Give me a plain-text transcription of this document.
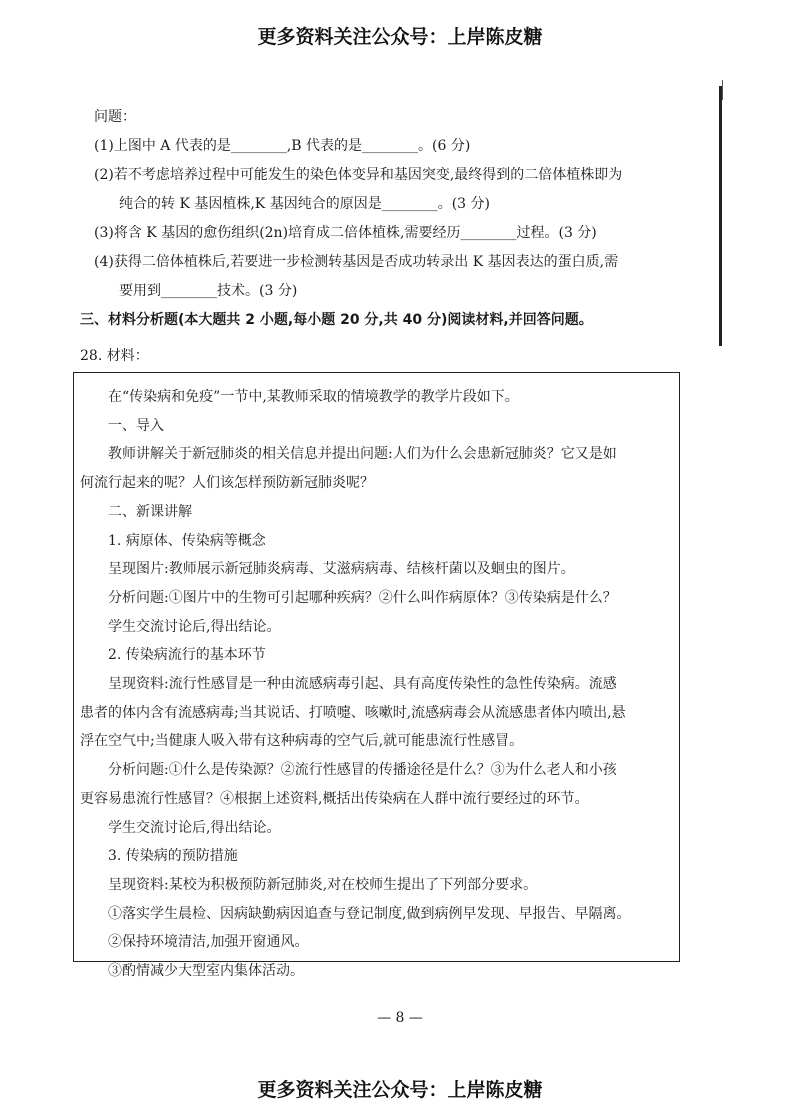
更多资料关注公众号：上岸陈皮糖
问题：
(1)上图中 A 代表的是________,B 代表的是________。(6 分)
(2)若不考虑培养过程中可能发生的染色体变异和基因突变,最终得到的二倍体植株即为
纯合的转 K 基因植株,K 基因纯合的原因是________。(3 分)
(3)将含 K 基因的愈伤组织(2n)培育成二倍体植株,需要经历________过程。(3 分)
(4)获得二倍体植株后,若要进一步检测转基因是否成功转录出 K 基因表达的蛋白质,需
要用到________技术。(3 分)
三、材料分析题(本大题共 2 小题,每小题 20 分,共 40 分)阅读材料,并回答问题。
28. 材料：
在“传染病和免疫”一节中,某教师采取的情境教学的教学片段如下。
一、导入
教师讲解关于新冠肺炎的相关信息并提出问题:人们为什么会患新冠肺炎？它又是如
何流行起来的呢？人们该怎样预防新冠肺炎呢？
二、新课讲解
1. 病原体、传染病等概念
呈现图片:教师展示新冠肺炎病毒、艾滋病病毒、结核杆菌以及蛔虫的图片。
分析问题:①图片中的生物可引起哪种疾病？②什么叫作病原体？③传染病是什么？
学生交流讨论后,得出结论。
2. 传染病流行的基本环节
呈现资料:流行性感冒是一种由流感病毒引起、具有高度传染性的急性传染病。流感
患者的体内含有流感病毒;当其说话、打喷嚏、咳嗽时,流感病毒会从流感患者体内喷出,悬
浮在空气中;当健康人吸入带有这种病毒的空气后,就可能患流行性感冒。
分析问题:①什么是传染源？②流行性感冒的传播途径是什么？③为什么老人和小孩
更容易患流行性感冒？④根据上述资料,概括出传染病在人群中流行要经过的环节。
学生交流讨论后,得出结论。
3. 传染病的预防措施
呈现资料:某校为积极预防新冠肺炎,对在校师生提出了下列部分要求。
①落实学生晨检、因病缺勤病因追查与登记制度,做到病例早发现、早报告、早隔离。
②保持环境清洁,加强开窗通风。
③酌情减少大型室内集体活动。
— 8 —
更多资料关注公众号：上岸陈皮糖
